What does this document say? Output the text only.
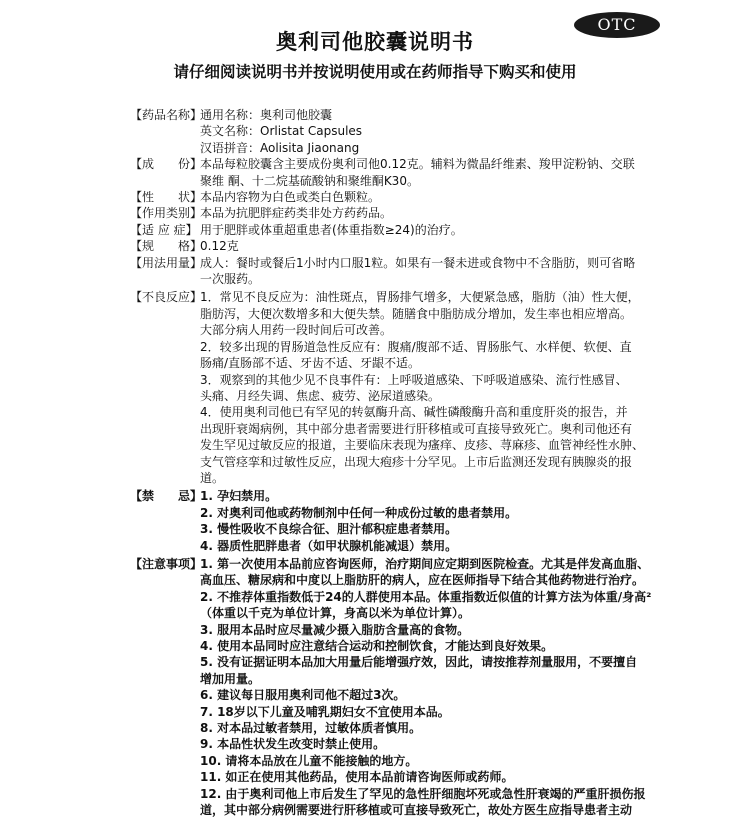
OTC
奥利司他胶囊说明书
请仔细阅读说明书并按说明使用或在药师指导下购买和使用
【药品名称】
通用名称：奥利司他胶囊
英文名称：Orlistat Capsules
汉语拼音：Aolisita Jiaonang
【成　　份】
本品每粒胶囊含主要成份奥利司他0.12克。辅料为微晶纤维素、羧甲淀粉钠、交联
聚维 酮、十二烷基硫酸钠和聚维酮K30。
【性　　状】
本品内容物为白色或类白色颗粒。
【作用类别】
本品为抗肥胖症药类非处方药药品。
【适 应 症】 用于肥胖或体重超重患者(体重指数≥24)的治疗。
【规　　格】
0.12克
【用法用量】
成人：餐时或餐后1小时内口服1粒。如果有一餐未进或食物中不含脂肪，则可省略
一次服药。
【不良反应】
1．常见不良反应为：油性斑点，胃肠排气增多，大便紧急感，脂肪（油）性大便，
脂肪泻，大便次数增多和大便失禁。随膳食中脂肪成分增加，发生率也相应增高。
大部分病人用药一段时间后可改善。
2．较多出现的胃肠道急性反应有：腹痛/腹部不适、胃肠胀气、水样便、软便、直
肠痛/直肠部不适、牙齿不适、牙龈不适。
3．观察到的其他少见不良事件有：上呼吸道感染、下呼吸道感染、流行性感冒、
头痛、月经失调、焦虑、疲劳、泌尿道感染。
4．使用奥利司他已有罕见的转氨酶升高、碱性磷酸酶升高和重度肝炎的报告，并
出现肝衰竭病例，其中部分患者需要进行肝移植或可直接导致死亡。奥利司他还有
发生罕见过敏反应的报道，主要临床表现为瘙痒、皮疹、荨麻疹、血管神经性水肿、
支气管痉挛和过敏性反应，出现大疱疹十分罕见。上市后监测还发现有胰腺炎的报
道。
【禁　　忌】
1. 孕妇禁用。
2. 对奥利司他或药物制剂中任何一种成份过敏的患者禁用。
3. 慢性吸收不良综合征、胆汁郁积症患者禁用。
4. 器质性肥胖患者（如甲状腺机能减退）禁用。
【注意事项】
1. 第一次使用本品前应咨询医师，治疗期间应定期到医院检查。尤其是伴发高血脂、
高血压、糖尿病和中度以上脂肪肝的病人，应在医师指导下结合其他药物进行治疗。
2. 不推荐体重指数低于24的人群使用本品。体重指数近似值的计算方法为体重/身高²
（体重以千克为单位计算，身高以米为单位计算）。
3. 服用本品时应尽量减少摄入脂肪含量高的食物。
4. 使用本品同时应注意结合运动和控制饮食，才能达到良好效果。
5. 没有证据证明本品加大用量后能增强疗效，因此，请按推荐剂量服用，不要擅自
增加用量。
6. 建议每日服用奥利司他不超过3次。
7. 18岁以下儿童及哺乳期妇女不宜使用本品。
8. 对本品过敏者禁用，过敏体质者慎用。
9. 本品性状发生改变时禁止使用。
10. 请将本品放在儿童不能接触的地方。
11. 如正在使用其他药品，使用本品前请咨询医师或药师。
12. 由于奥利司他上市后发生了罕见的急性肝细胞坏死或急性肝衰竭的严重肝损伤报
道，其中部分病例需要进行肝移植或可直接导致死亡，故处方医生应指导患者主动
